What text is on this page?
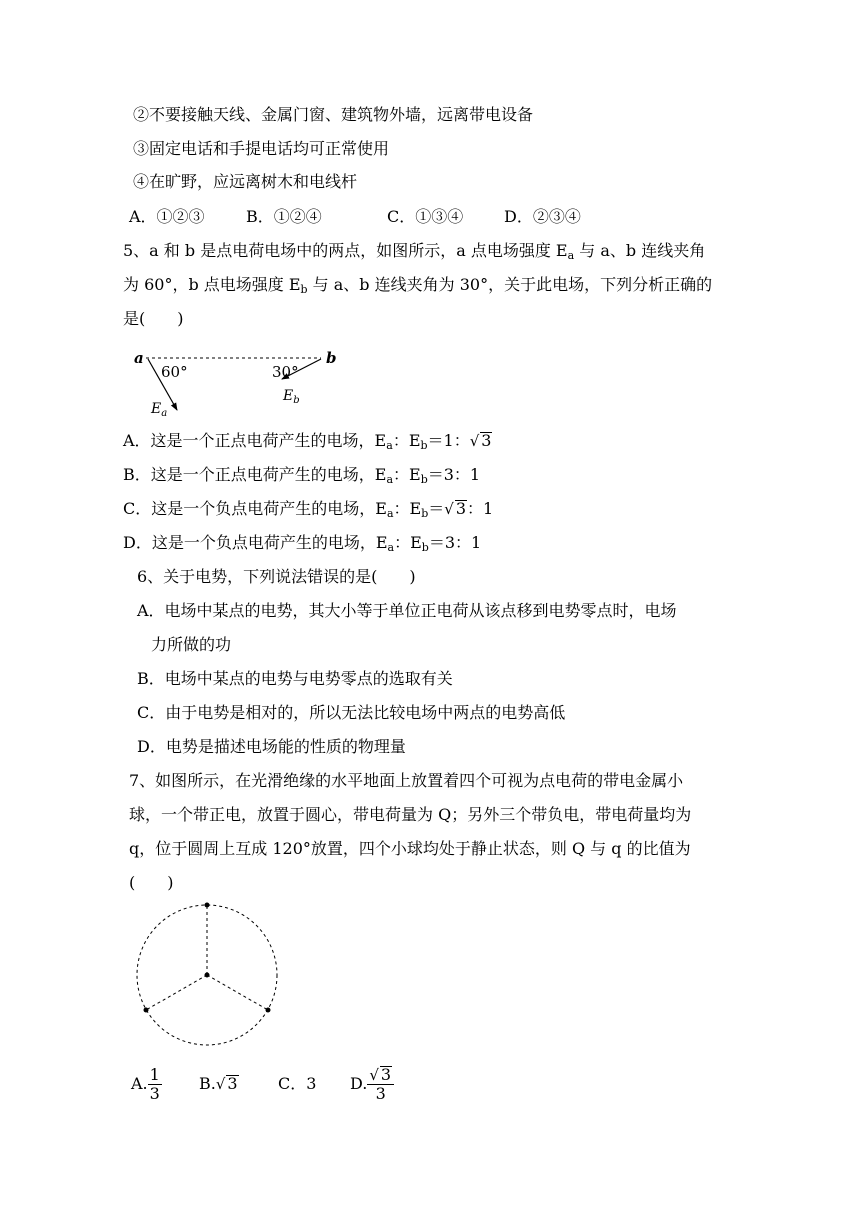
②不要接触天线、金属门窗、建筑物外墙，远离带电设备
③固定电话和手提电话均可正常使用
④在旷野，应远离树木和电线杆
A．①②③	B．①②④	C．①③④	D．②③④
5、a 和 b 是点电荷电场中的两点，如图所示，a 点电场强度 $E_a$ 与 a、b 连线夹角
为 60°，b 点电场强度 $E_b$ 与 a、b 连线夹角为 30°，关于此电场，下列分析正确的
是(　　)
a	b
60°	30°
$E_a$
$E_b$
A．这是一个正点电荷产生的电场，$E_a$：$E_b=1$：√ 3
B．这是一个正点电荷产生的电场，$E_a$：$E_b=3$：1
C．这是一个负点电荷产生的电场，$E_a$：$E_b=√$ 3：1
D．这是一个负点电荷产生的电场，$E_a$：$E_b=3$：1
6、关于电势，下列说法错误的是(　　)
A．电场中某点的电势，其大小等于单位正电荷从该点移到电势零点时，电场
力所做的功
B．电场中某点的电势与电势零点的选取有关
C．由于电势是相对的，所以无法比较电场中两点的电势高低
D．电势是描述电场能的性质的物理量
7、如图所示，在光滑绝缘的水平地面上放置着四个可视为点电荷的带电金属小
球，一个带正电，放置于圆心，带电荷量为 Q；另外三个带负电，带电荷量均为
q，位于圆周上互成 120°放置，四个小球均处于静止状态，则 Q 与 q 的比值为
(　　)
A. $\frac{1}{3} B.√$ 3	C．3 D. $\frac{√ 3}{3}$
